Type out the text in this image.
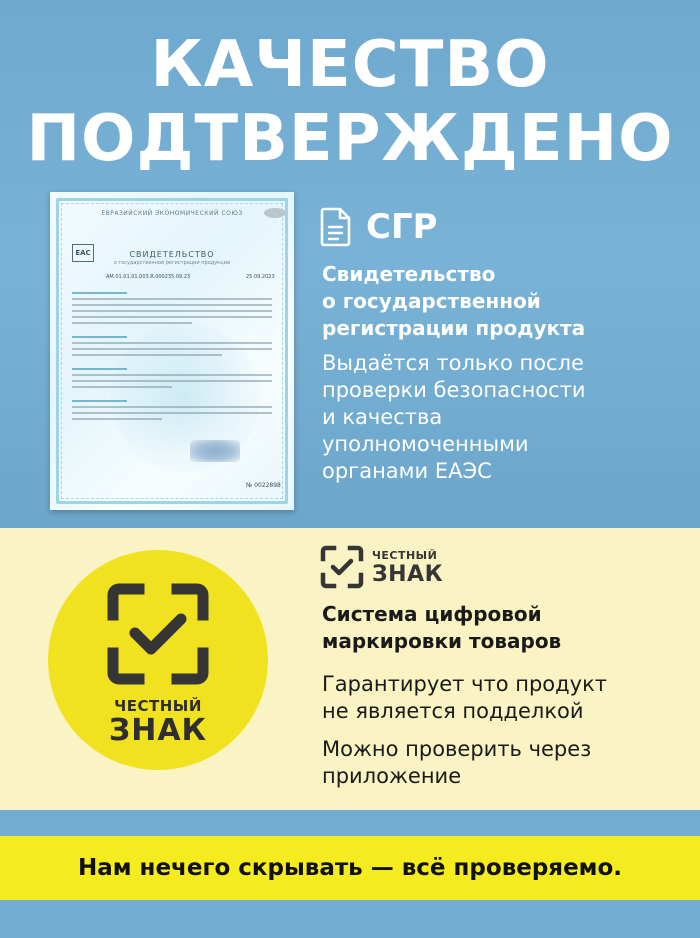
КАЧЕСТВО
ПОДТВЕРЖДЕНО
ЕВРАЗИЙСКИЙ ЭКОНОМИЧЕСКИЙ СОЮЗ
EAC	СВИДЕТЕЛЬСТВО
о государственной регистрации продукции
AM.01.01.01.003.R.000235.09.23	25.09.2023
№ 0022898
СГР
Свидетельство
о государственной
регистрации продукта
Выдаётся только после
проверки безопасности
и качества
уполномоченными
органами ЕАЭС
ЧЕСТНЫЙ
ЗНАК
ЧЕСТНЫЙ
ЗНАК
Система цифровой
маркировки товаров
Гарантирует что продукт
не является подделкой
Можно проверить через
приложение
Нам нечего скрывать — всё проверяемо.
